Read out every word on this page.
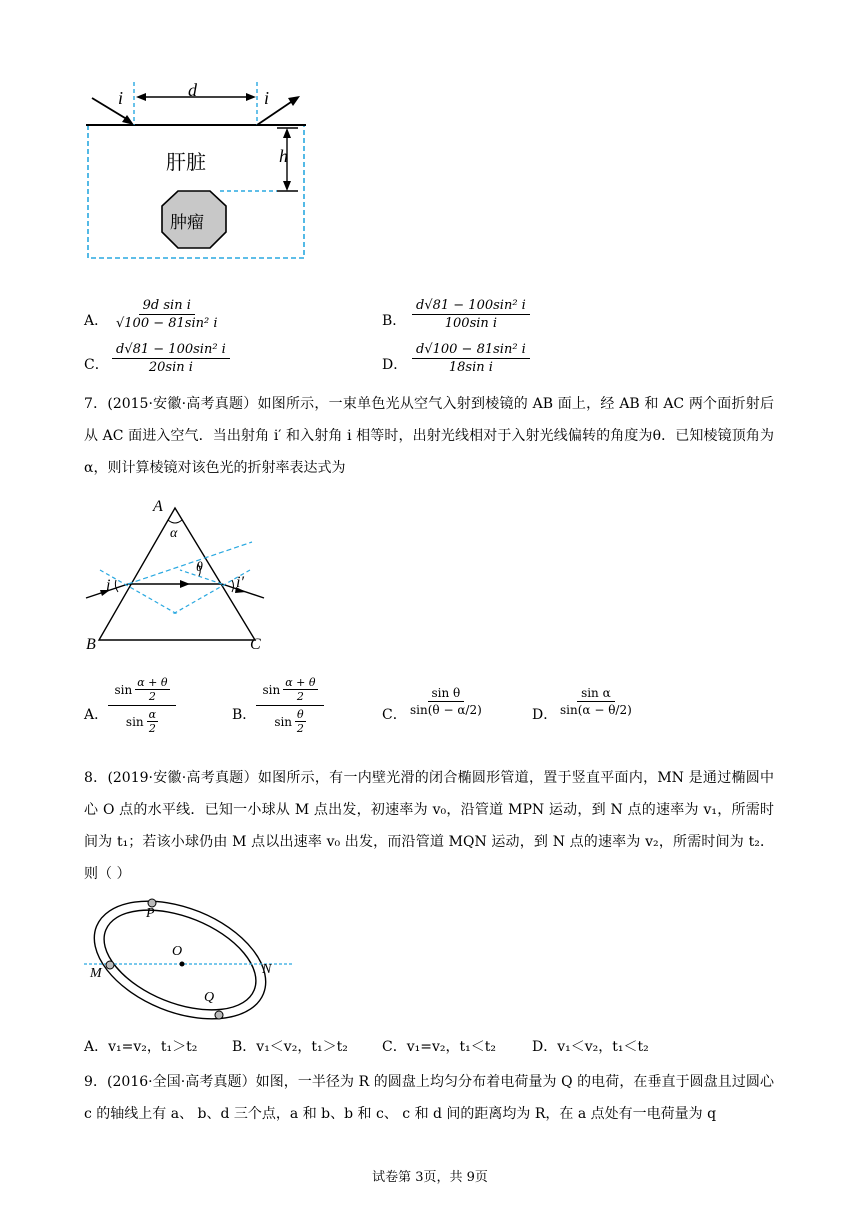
i	d	i
h
肝脏
肿瘤
A． $\frac{\text{9d sin i}}{\text{√100 − 81sin² i}}$	B． $\frac{\text{d√81 − 100sin² i}}{\text{100sin i}}$
C． $\frac{\text{d√81 − 100sin² i}}{\text{20sin i}}$	D． $\frac{\text{d√100 − 81sin² i}}{\text{18sin i}}$
7．(2015·安徽·高考真题）如图所示，一束单色光从空气入射到棱镜的 AB 面上，经 AB 和 AC 两个面折射后从 AC 面进入空气．当出射角 i′ 和入射角 i 相等时，出射光线相对于入射光线偏转的角度为θ．已知棱镜顶角为α，则计算棱镜对该色光的折射率表达式为
A
α
θ
i	i′
B	C
A．
sin α + θ
2
sin α
2
B．
sin α + θ
2
sin θ
2
C． $\frac{\text{sin θ}}{\sin(\theta - \alpha/2)}$	D．
$\frac{\text{sin α}}{\sin(\alpha - \theta/2)}$
8．(2019·安徽·高考真题）如图所示，有一内壁光滑的闭合椭圆形管道，置于竖直平面内，MN 是通过椭圆中心 O 点的水平线．已知一小球从 M 点出发，初速率为 v₀，沿管道 MPN 运动，到 N 点的速率为 v₁，所需时间为 t₁；若该小球仍由 M 点以出速率 v₀ 出发，而沿管道 MQN 运动，到 N 点的速率为 v₂，所需时间为 t₂．则（ ）
P
O
M	N
Q
A．v₁=v₂，t₁＞t₂ B．v₁＜v₂，t₁＞t₂ C．v₁=v₂，t₁＜t₂	D．v₁＜v₂，t₁＜t₂
9．(2016·全国·高考真题）如图，一半径为 R 的圆盘上均匀分布着电荷量为 Q 的电荷，在垂直于圆盘且过圆心 c 的轴线上有 a、 b、d 三个点，a 和 b、b 和 c、 c 和 d 间的距离均为 R，在 a 点处有一电荷量为 q
试卷第 3页，共 9页
